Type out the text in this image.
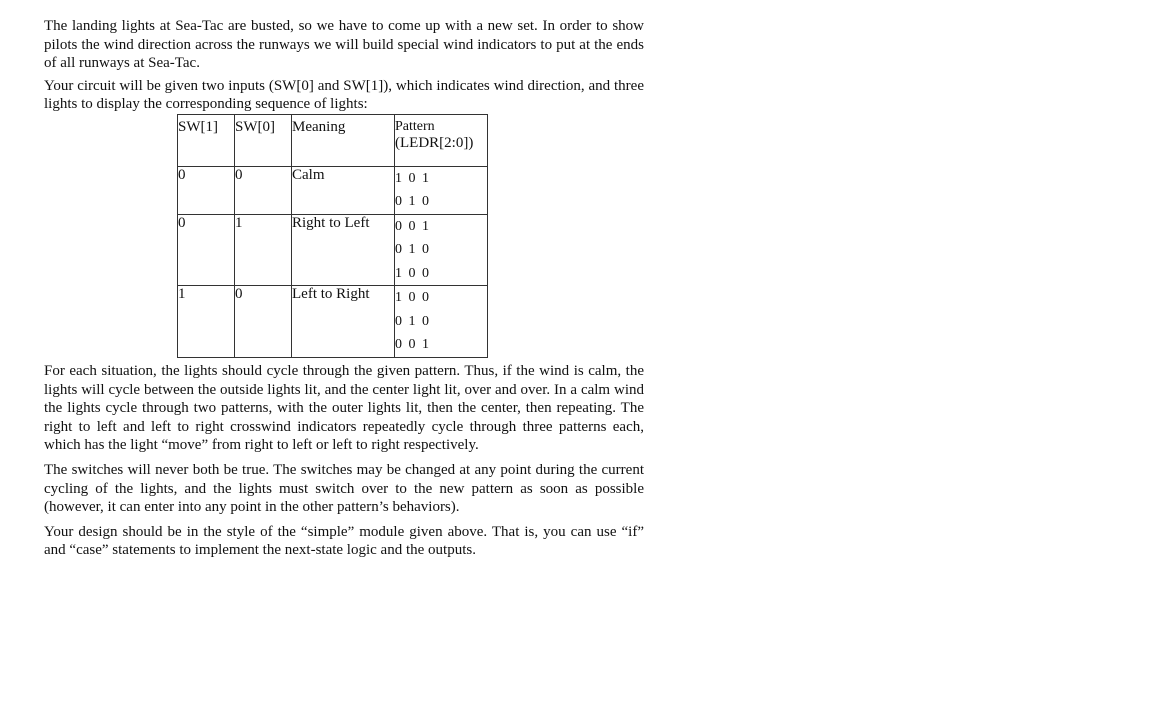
The landing lights at Sea-Tac are busted, so we have to come up with a new set. In order to show pilots the wind direction across the runways we will build special wind indicators to put at the ends of all runways at Sea-Tac.

Your circuit will be given two inputs (SW[0] and SW[1]), which indicates wind direction, and three lights to display the corresponding sequence of lights:

SW[1]	SW[0]	Meaning	Pattern
(LEDR[2:0])

0	0	Calm	1 0 1
0 1 0

0	1	Right to Left	0 0 1
0 1 0
1 0 0

1	0	Left to Right	1 0 0
0 1 0
0 0 1

For each situation, the lights should cycle through the given pattern. Thus, if the wind is calm, the lights will cycle between the outside lights lit, and the center light lit, over and over. In a calm wind the lights cycle through two patterns, with the outer lights lit, then the center, then repeating. The right to left and left to right crosswind indicators repeatedly cycle through three patterns each, which has the light “move” from right to left or left to right respectively.

The switches will never both be true. The switches may be changed at any point during the current cycling of the lights, and the lights must switch over to the new pattern as soon as possible (however, it can enter into any point in the other pattern’s behaviors).

Your design should be in the style of the “simple” module given above. That is, you can use “if” and “case” statements to implement the next-state logic and the outputs.
